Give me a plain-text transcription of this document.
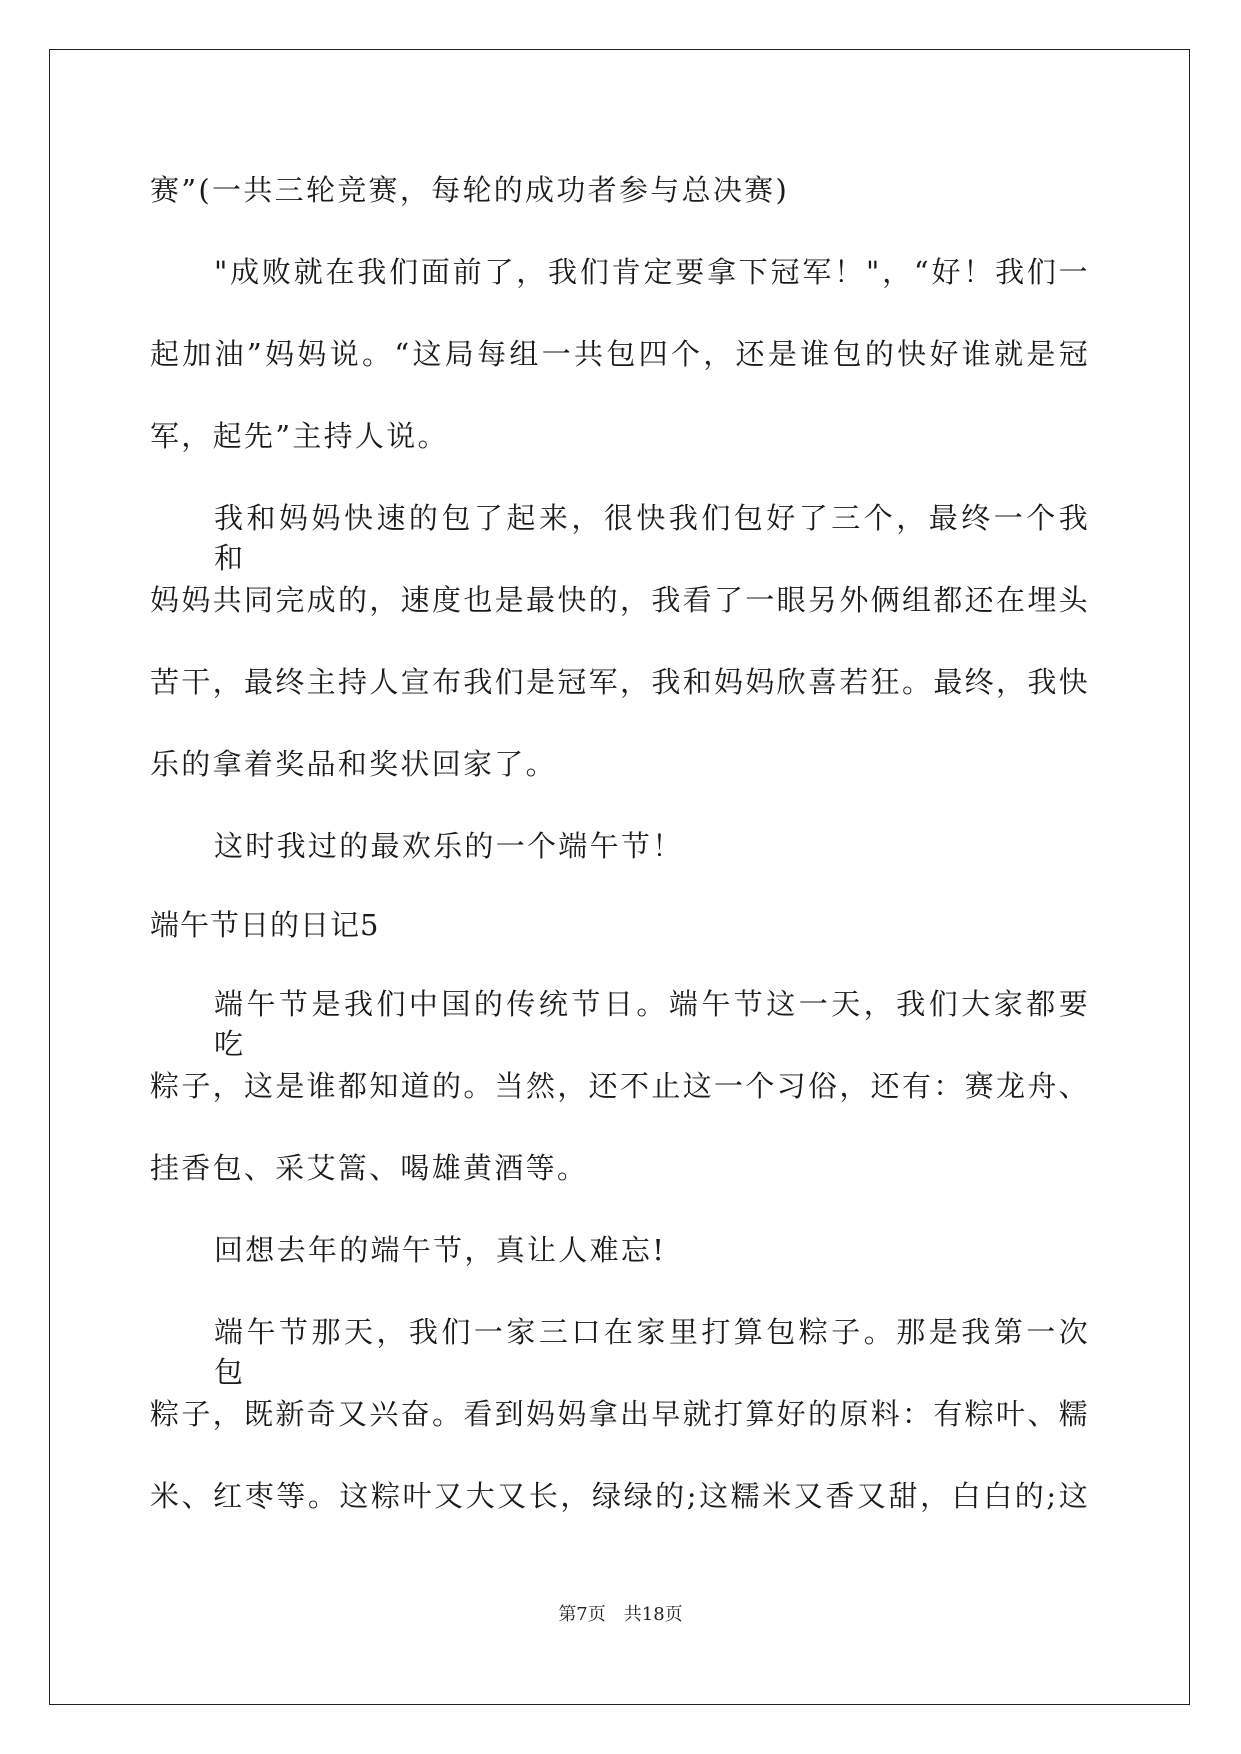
赛”(一共三轮竞赛，每轮的成功者参与总决赛)

"成败就在我们面前了，我们肯定要拿下冠军！"，“好！我们一

起加油”妈妈说。“这局每组一共包四个，还是谁包的快好谁就是冠

军，起先”主持人说。

我和妈妈快速的包了起来，很快我们包好了三个，最终一个我和

妈妈共同完成的，速度也是最快的，我看了一眼另外俩组都还在埋头

苦干，最终主持人宣布我们是冠军，我和妈妈欣喜若狂。最终，我快

乐的拿着奖品和奖状回家了。

这时我过的最欢乐的一个端午节！

端午节日的日记5

端午节是我们中国的传统节日。端午节这一天，我们大家都要吃

粽子，这是谁都知道的。当然，还不止这一个习俗，还有：赛龙舟、

挂香包、采艾篙、喝雄黄酒等。

回想去年的端午节，真让人难忘!

端午节那天，我们一家三口在家里打算包粽子。那是我第一次包

粽子，既新奇又兴奋。看到妈妈拿出早就打算好的原料：有粽叶、糯

米、红枣等。这粽叶又大又长，绿绿的;这糯米又香又甜，白白的;这

第7页 共18页
